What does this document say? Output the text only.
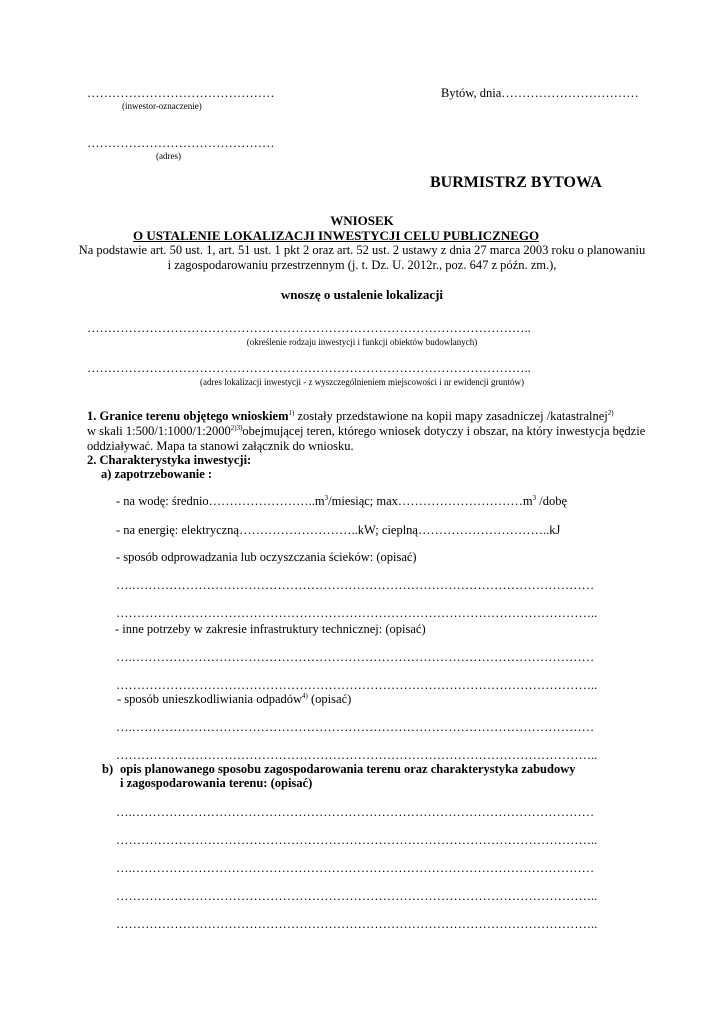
………………………………………
(inwestor-oznaczenie)
Bytów, dnia……………………………
………………………………………
(adres)
BURMISTRZ BYTOWA
WNIOSEK
O USTALENIE LOKALIZACJI INWESTYCJI CELU PUBLICZNEGO
Na podstawie art. 50 ust. 1, art. 51 ust. 1 pkt 2 oraz art. 52 ust. 2 ustawy z dnia 27 marca 2003 roku o planowaniu
i zagospodarowaniu przestrzennym (j. t. Dz. U. 2012r., poz. 647 z późn. zm.),
wnoszę o ustalenie lokalizacji
……………………………………………………………………………………………..
(określenie rodzaju inwestycji i funkcji obiektów budowlanych)
……………………………………………………………………………………………..
(adres lokalizacji inwestycji - z wyszczególnieniem miejscowości i nr ewidencji gruntów)
1. Granice terenu objętego wnioskiem$^{1)}$ zostały przedstawione na kopii mapy zasadniczej /katastralnej$^{2)}$
w skali $1:500/1:1000/1:2000^{2)3)}obejmującej$ teren, którego wniosek dotyczy i obszar, na który inwestycja będzie
oddziaływać. Mapa ta stanowi załącznik do wniosku.
2. Charakterystyka inwestycji:
a) zapotrzebowanie :
- na wodę: $średnio\dots\dots\dots\dots\dots\dots\dots\dots..m^3$/miesiąc; $\max\dots\dots\dots\dots\dots\dots\dots\dots\dots\dots m^3$ /dobę
- na energię: elektryczną………………………..kW; cieplną…………………………..kJ
- sposób odprowadzania lub oczyszczania ścieków: (opisać)
….…………………………………………………………………………………………………
……………………………………………………………………………………………………..
- inne potrzeby w zakresie infrastruktury technicznej: (opisać)
….…………………………………………………………………………………………………
……………………………………………………………………………………………………..
- sposób unieszkodliwiania odpadów$^{4)}$ (opisać)
….…………………………………………………………………………………………………
……………………………………………………………………………………………………..
b) opis planowanego sposobu zagospodarowania terenu oraz charakterystyka zabudowy
i zagospodarowania terenu: (opisać)
….…………………………………………………………………………………………………
……………………………………………………………………………………………………..
….…………………………………………………………………………………………………
……………………………………………………………………………………………………..
……………………………………………………………………………………………………..
